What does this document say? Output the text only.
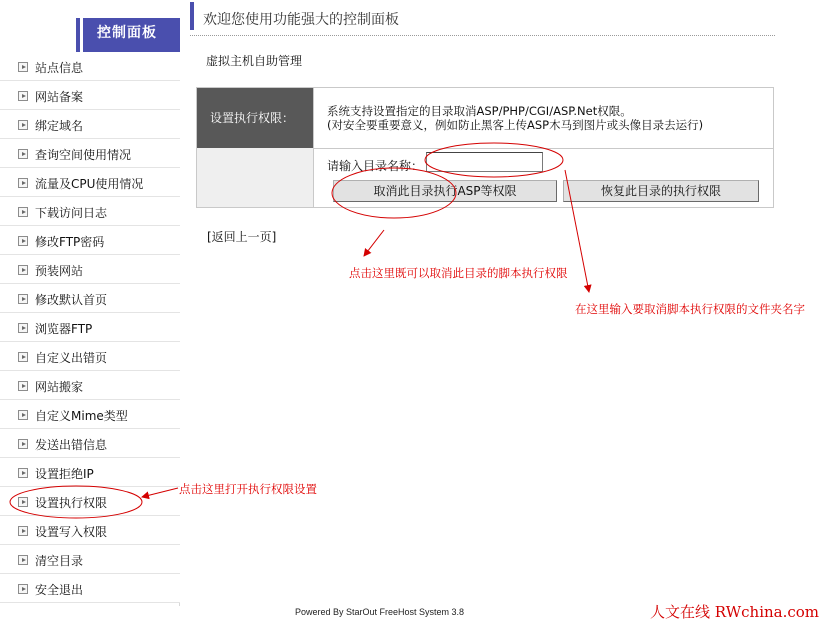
控制面板
站点信息
网站备案
绑定域名
查询空间使用情况
流量及CPU使用情况
下载访问日志
修改FTP密码
预装网站
修改默认首页
浏览器FTP
自定义出错页
网站搬家
自定义Mime类型
发送出错信息
设置拒绝IP
设置执行权限
设置写入权限
清空目录
安全退出
欢迎您使用功能强大的控制面板
虚拟主机自助管理
设置执行权限：	系统支持设置指定的目录取消ASP/PHP/CGI/ASP.Net权限。
(对安全要重要意义，例如防止黑客上传ASP木马到图片或头像目录去运行)
请输入目录名称：
取消此目录执行ASP等权限	恢复此目录的执行权限
[返回上一页]
点击这里既可以取消此目录的脚本执行权限
在这里输入要取消脚本执行权限的文件夹名字
点击这里打开执行权限设置
Powered By StarOut FreeHost System 3.8	人文在线 RWchina.com
